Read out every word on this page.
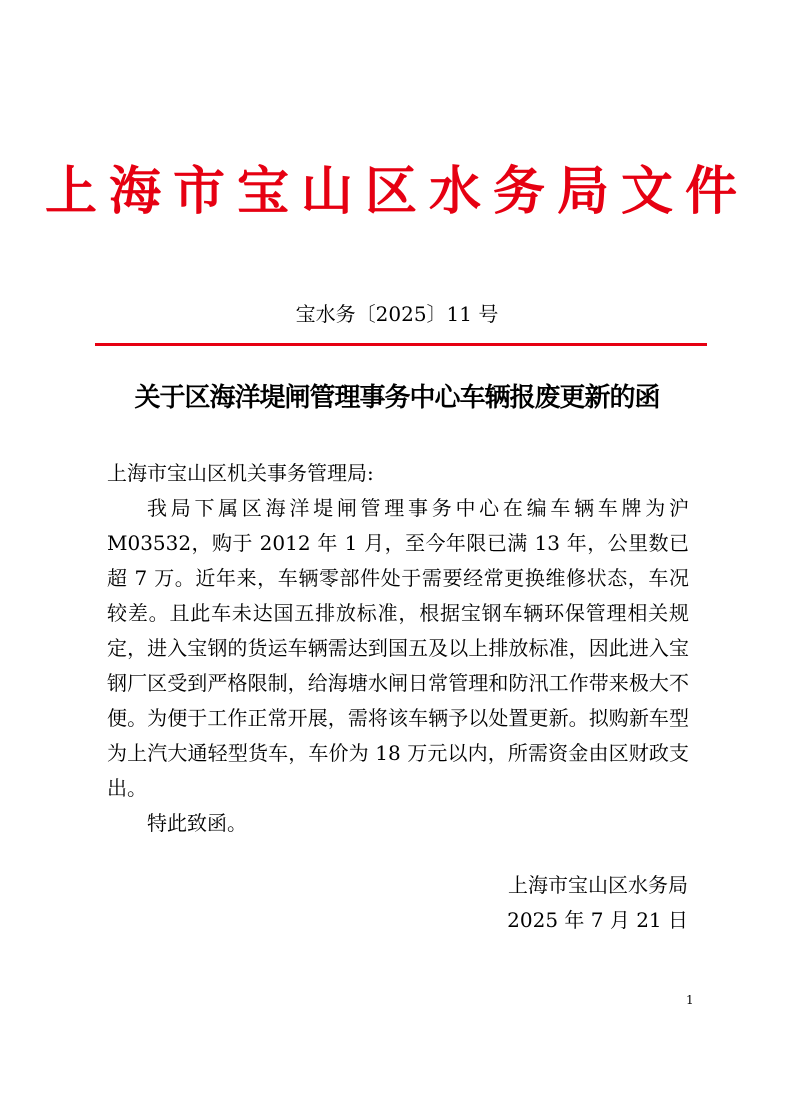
上海市宝山区水务局文件
宝水务〔2025〕11 号
关于区海洋堤闸管理事务中心车辆报废更新的函

上海市宝山区机关事务管理局:

我局下属区海洋堤闸管理事务中心在编车辆车牌为沪M03532，购于 2012 年 1 月，至今年限已满 13 年，公里数已超 7 万。近年来，车辆零部件处于需要经常更换维修状态，车况较差。且此车未达国五排放标准，根据宝钢车辆环保管理相关规定，进入宝钢的货运车辆需达到国五及以上排放标准，因此进入宝钢厂区受到严格限制，给海塘水闸日常管理和防汛工作带来极大不便。为便于工作正常开展，需将该车辆予以处置更新。拟购新车型为上汽大通轻型货车，车价为 18 万元以内，所需资金由区财政支出。

特此致函。

上海市宝山区水务局
2025 年 7 月 21 日
1
